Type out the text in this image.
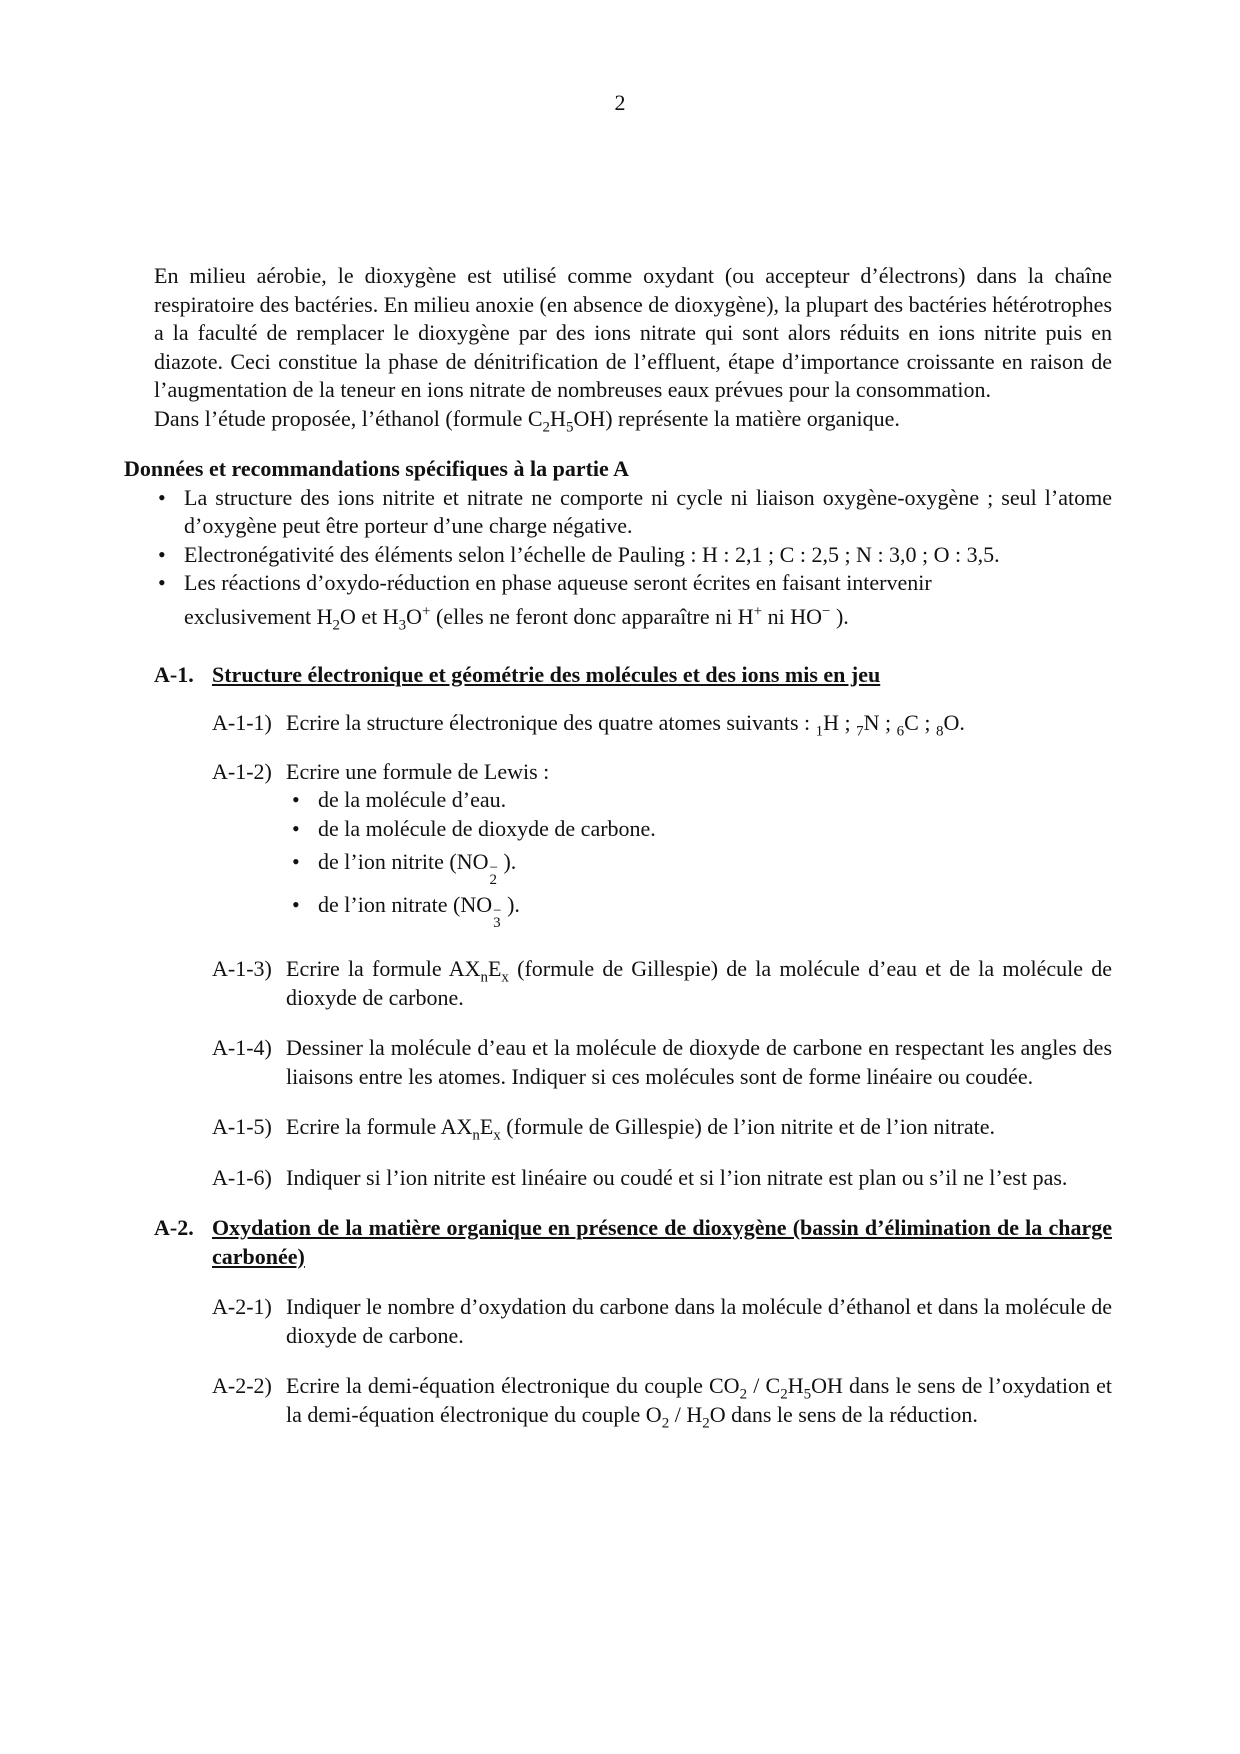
2

En milieu aérobie, le dioxygène est utilisé comme oxydant (ou accepteur d’électrons) dans la chaîne respiratoire des bactéries. En milieu anoxie (en absence de dioxygène), la plupart des bactéries hétérotrophes a la faculté de remplacer le dioxygène par des ions nitrate qui sont alors réduits en ions nitrite puis en diazote. Ceci constitue la phase de dénitrification de l’effluent, étape d’importance croissante en raison de l’augmentation de la teneur en ions nitrate de nombreuses eaux prévues pour la consommation.

Dans l’étude proposée, l’éthanol (formule $C_2H_5OH$) représente la matière organique.

Données et recommandations spécifiques à la partie A

• La structure des ions nitrite et nitrate ne comporte ni cycle ni liaison oxygène-oxygène ; seul l’atome d’oxygène peut être porteur d’une charge négative.
• Electronégativité des éléments selon l’échelle de Pauling : H : 2,1 ; C : 2,5 ; N : 3,0 ; O : 3,5.
• Les réactions d’oxydo-réduction en phase aqueuse seront écrites en faisant intervenir
exclusivement $H_2O$ et $H_3O^+$ (elles ne feront donc apparaître ni H+ ni HO− ).
A-1. Structure électronique et géométrie des molécules et des ions mis en jeu
A-1-1) Ecrire la structure électronique des quatre atomes suivants : $_1$H ; $_7$N ; $_6$C ; $_8$O.
A-1-2) Ecrire une formule de Lewis :
• de la molécule d’eau.
• de la molécule de dioxyde de carbone.
• de l’ion nitrite (NO −
2
).
• de l’ion nitrate (NO −
3
).
A-1-3) Ecrire la formule $AX_nE_x$ (formule de Gillespie) de la molécule d’eau et de la molécule de dioxyde de carbone.
A-1-4) Dessiner la molécule d’eau et la molécule de dioxyde de carbone en respectant les angles des liaisons entre les atomes. Indiquer si ces molécules sont de forme linéaire ou coudée.
A-1-5) Ecrire la formule $AX_nE_x$ (formule de Gillespie) de l’ion nitrite et de l’ion nitrate.
A-1-6) Indiquer si l’ion nitrite est linéaire ou coudé et si l’ion nitrate est plan ou s’il ne l’est pas.
A-2. Oxydation de la matière organique en présence de dioxygène (bassin d’élimination de la charge carbonée)
A-2-1) Indiquer le nombre d’oxydation du carbone dans la molécule d’éthanol et dans la molécule de dioxyde de carbone.
A-2-2) Ecrire la demi-équation électronique du couple $CO_2 / C_2H_5OH$ dans le sens de l’oxydation et la demi-équation électronique du couple $O_2 / H_2O$ dans le sens de la réduction.
